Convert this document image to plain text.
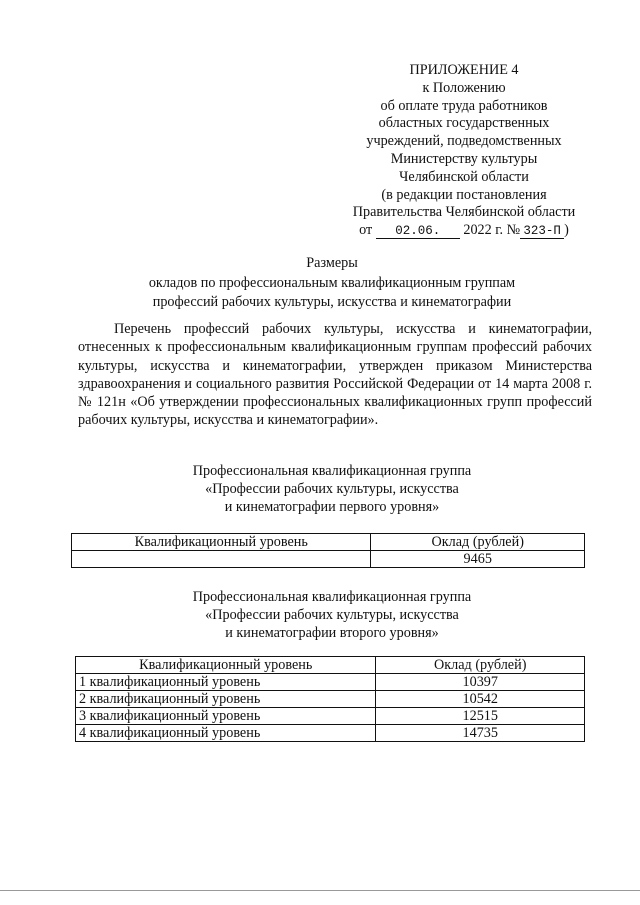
ПРИЛОЖЕНИЕ 4
к Положению
об оплате труда работников
областных государственных
учреждений, подведомственных
Министерству культуры
Челябинской области
(в редакции постановления
Правительства Челябинской области
от 02.06. 2022 г. № 323-П )
Размеры
окладов по профессиональным квалификационным группам
профессий рабочих культуры, искусства и кинематографии

Перечень профессий рабочих культуры, искусства и кинематографии, отнесенных к профессиональным квалификационным группам профессий рабочих культуры, искусства и кинематографии, утвержден приказом Министерства здравоохранения и социального развития Российской Федерации от 14 марта 2008 г. № 121н «Об утверждении профессиональных квалификационных групп профессий рабочих культуры, искусства и кинематографии».

Профессиональная квалификационная группа
«Профессии рабочих культуры, искусства
и кинематографии первого уровня»
Квалификационный уровень	Оклад (рублей)
	9465
Профессиональная квалификационная группа
«Профессии рабочих культуры, искусства
и кинематографии второго уровня»
Квалификационный уровень	Оклад (рублей)
1 квалификационный уровень	10397
2 квалификационный уровень	10542
3 квалификационный уровень	12515
4 квалификационный уровень	14735
